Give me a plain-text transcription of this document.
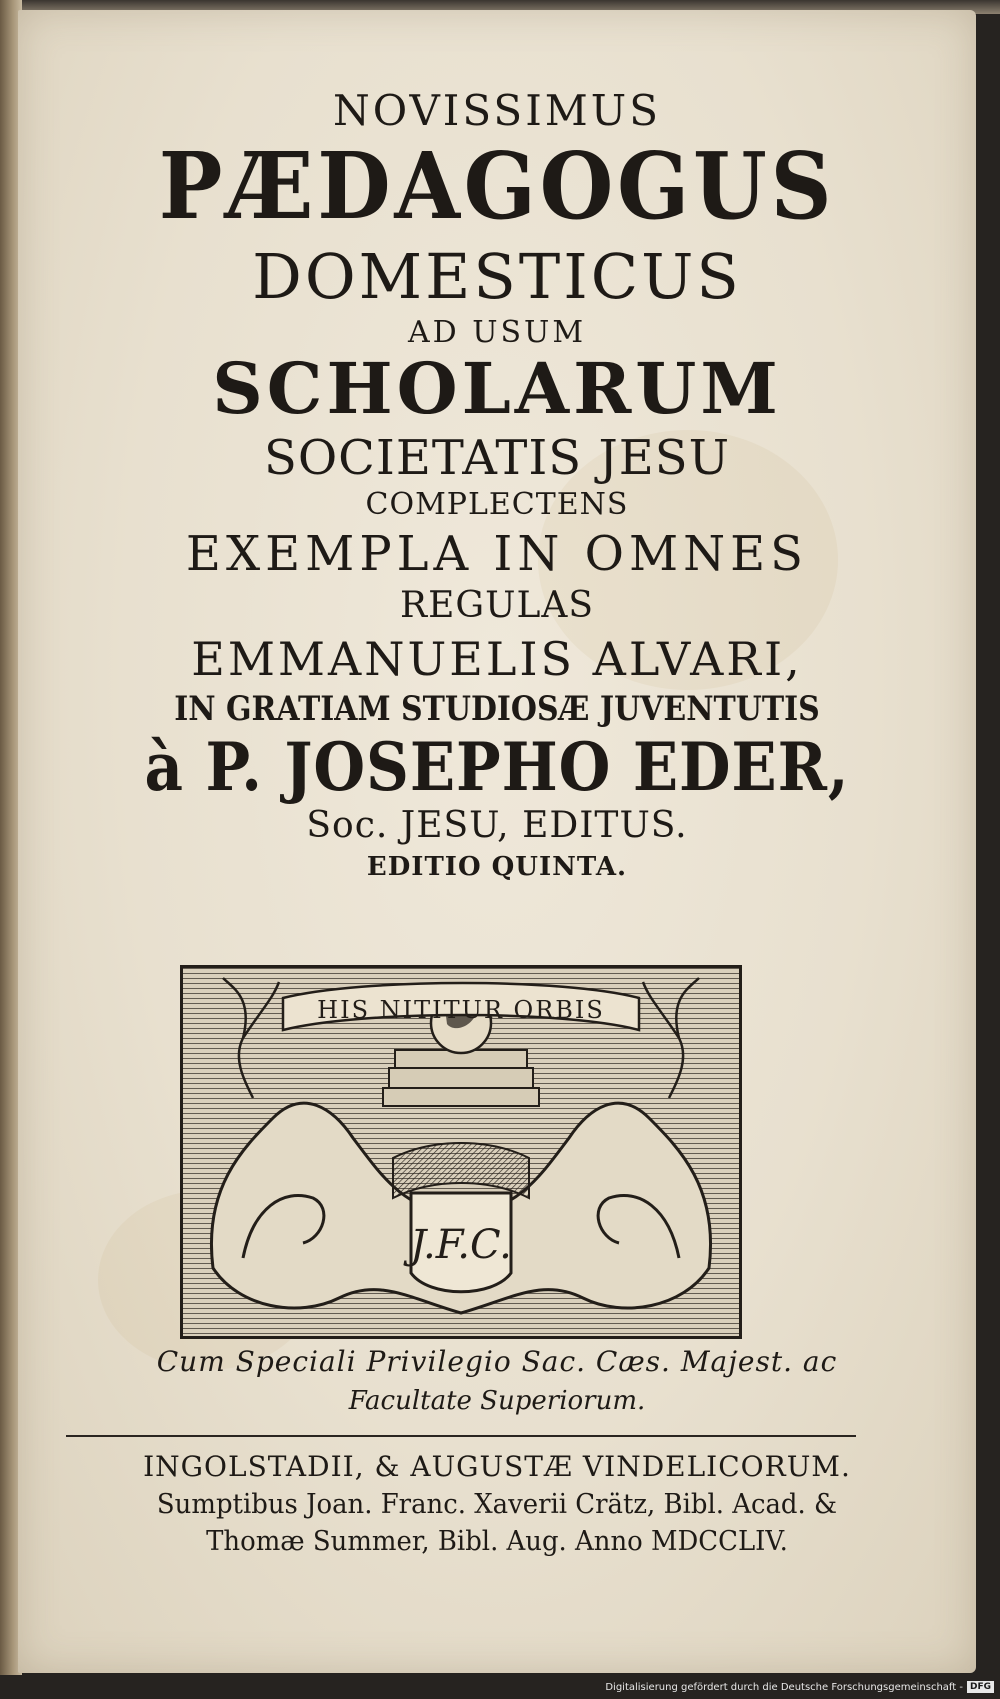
NOVISSIMUS
PÆDAGOGUS
DOMESTICUS
AD USUM
SCHOLARUM
SOCIETATIS JESU
COMPLECTENS
EXEMPLA IN OMNES
REGULAS
EMMANUELIS ALVARI,
IN GRATIAM STUDIOSÆ JUVENTUTIS
à P. JOSEPHO EDER,
Soc. JESU, EDITUS.
EDITIO QUINTA.
J.F.C.
HIS NITITUR ORBIS
Cum Speciali Privilegio Sac. Cæs. Majest. ac
Facultate Superiorum.
INGOLSTADII, & AUGUSTÆ VINDELICORUM.
Sumptibus Joan. Franc. Xaverii Crätz, Bibl. Acad. &
Thomæ Summer, Bibl. Aug. Anno MDCCLIV.
Digitalisierung gefördert durch die Deutsche Forschungsgemeinschaft - DFG
